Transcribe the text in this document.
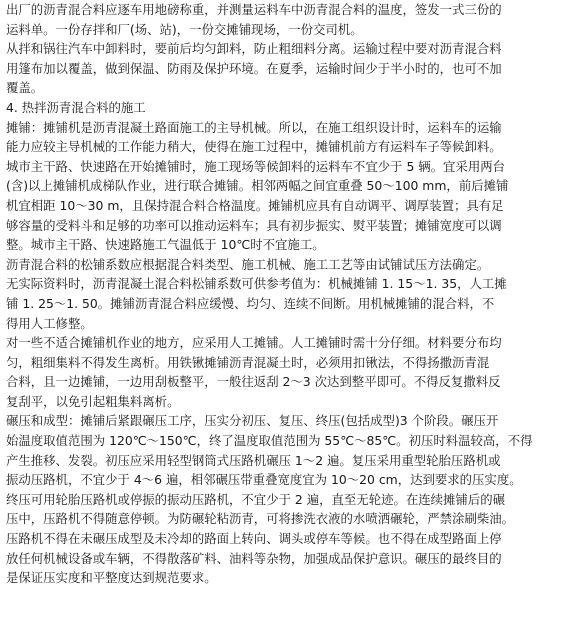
出厂的沥青混合料应逐车用地磅称重，并测量运料车中沥青混合料的温度，签发一式三份的
运料单。一份存拌和厂(场、站)，一份交摊铺现场，一份交司机。
从拌和锅往汽车中卸料时，要前后均匀卸料，防止粗细料分离。运输过程中要对沥青混合料
用篷布加以覆盖，做到保温、防雨及保护环境。在夏季，运输时间少于半小时的，也可不加
覆盖。
4. 热拌沥青混合料的施工
摊铺：摊铺机是沥青混凝土路面施工的主导机械。所以，在施工组织设计时，运料车的运输
能力应较主导机械的工作能力稍大，使得在施工过程中，摊铺机前方有运料车子等候卸料。
城市主干路、快速路在开始摊铺时，施工现场等候卸料的运料车不宜少于 5 辆。宜采用两台
(含)以上摊铺机成梯队作业，进行联合摊铺。相邻两幅之间宜重叠 50～100 mm，前后摊铺
机宜相距 10～30 m，且保持混合料合格温度。摊铺机应具有自动调平、调厚装置；具有足
够容量的受料斗和足够的功率可以推动运料车；具有初步振实、熨平装置；摊铺宽度可以调
整。城市主干路、快速路施工气温低于 10℃时不宜施工。
沥青混合料的松铺系数应根据混合料类型、施工机械、施工工艺等由试铺试压方法确定。
无实际资料时，沥青混凝土混合料松铺系数可供参考值为：机械摊铺 1. 15～1. 35，人工摊
铺 1. 25～1. 50。摊铺沥青混合料应缓慢、均匀、连续不间断。用机械摊铺的混合料，不
得用人工修整。
对一些不适合摊铺机作业的地方，应采用人工摊铺。人工摊铺时需十分仔细。材料要分布均
匀，粗细集料不得发生离析。用铁锹摊铺沥青混凝土时，必须用扣锹法，不得扬撒沥青混
合料，且一边摊铺，一边用刮板整平，一般往返刮 2～3 次达到整平即可。不得反复撒料反
复刮平，以免引起粗集料离析。
碾压和成型：摊铺后紧跟碾压工序，压实分初压、复压、终压(包括成型)3 个阶段。碾压开
始温度取值范围为 120℃～150℃，终了温度取值范围为 55℃～85℃。初压时料温较高，不得
产生推移、发裂。初压应采用轻型钢筒式压路机碾压 1～2 遍。复压采用重型轮胎压路机或
振动压路机，不宜少于 4～6 遍，相邻碾压带重叠宽度宜为 10～20 cm，达到要求的压实度。
终压可用轮胎压路机或停振的振动压路机，不宜少于 2 遍，直至无轮迹。在连续摊铺后的碾
压中，压路机不得随意停顿。为防碾轮粘沥青，可将掺洗衣液的水喷洒碾轮，严禁涂刷柴油。
压路机不得在未碾压成型及未冷却的路面上转向、调头或停车等候。也不得在成型路面上停
放任何机械设备或车辆，不得散落矿料、油料等杂物，加强成品保护意识。碾压的最终目的
是保证压实度和平整度达到规范要求。
